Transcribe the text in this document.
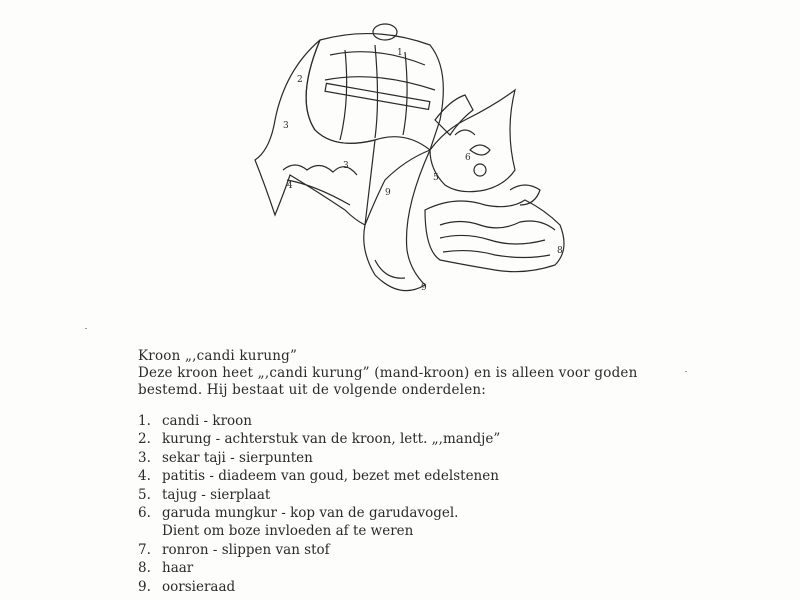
1
2
3
3
4
9
6
5
8
9
Kroon „,candi kurung”
Deze kroon heet „,candi kurung” (mand-kroon) en is alleen voor goden
bestemd. Hij bestaat uit de volgende onderdelen:
1. candi - kroon
2. kurung - achterstuk van de kroon, lett. „,mandje”
3. sekar taji - sierpunten
4. patitis - diadeem van goud, bezet met edelstenen
5. tajug - sierplaat
6. garuda mungkur - kop van de garudavogel.
Dient om boze invloeden af te weren
7. ronron - slippen van stof
8. haar
9. oorsieraad
